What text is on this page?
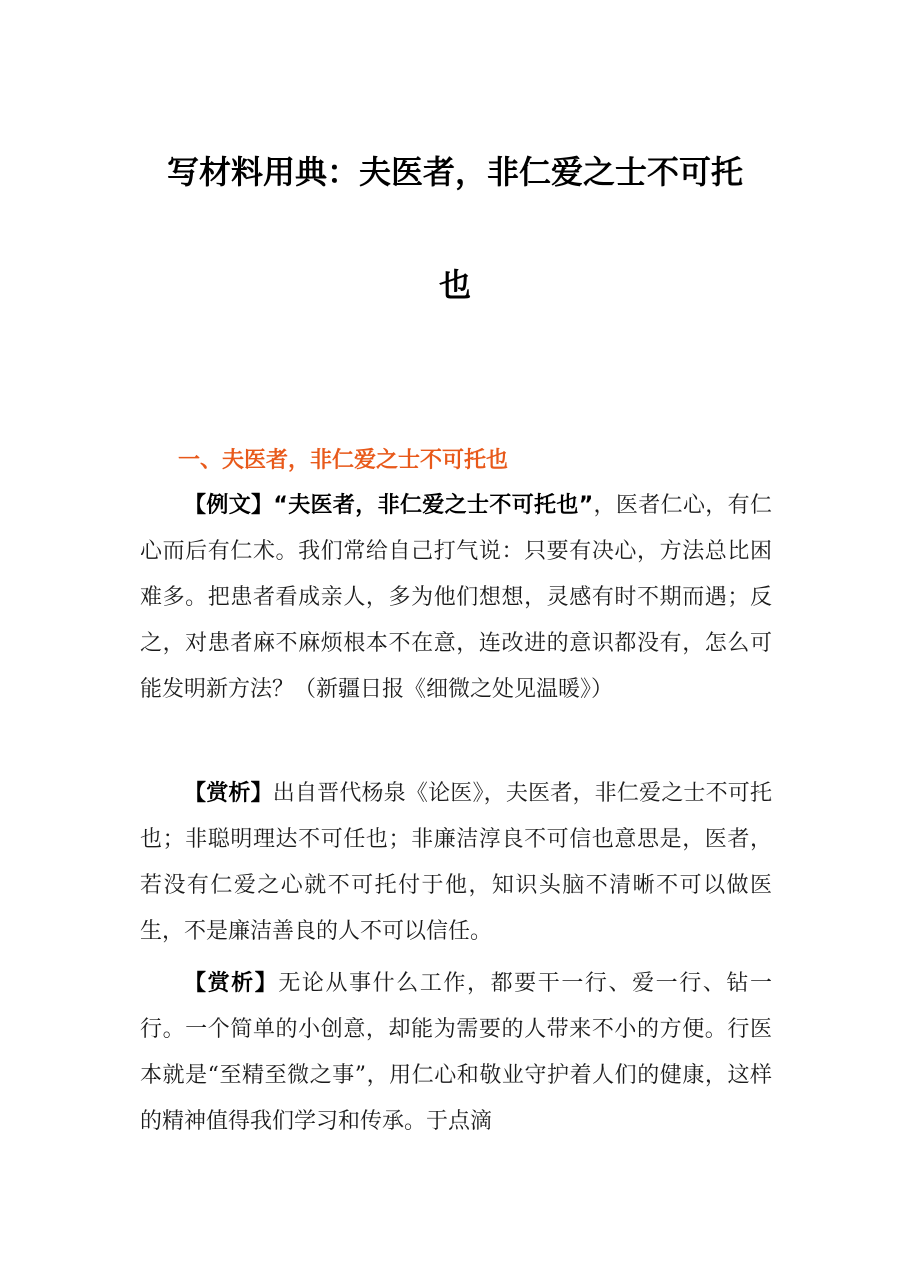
写材料用典：夫医者，非仁爱之士不可托
也
一、夫医者，非仁爱之士不可托也

【例文】“夫医者，非仁爱之士不可托也”，医者仁心，有仁心而后有仁术。我们常给自己打气说：只要有决心，方法总比困难多。把患者看成亲人，多为他们想想，灵感有时不期而遇；反之，对患者麻不麻烦根本不在意，连改进的意识都没有，怎么可能发明新方法？（新疆日报《细微之处见温暖》）

【赏析】出自晋代杨泉《论医》，夫医者，非仁爱之士不可托也；非聪明理达不可任也；非廉洁淳良不可信也意思是，医者，若没有仁爱之心就不可托付于他，知识头脑不清晰不可以做医生，不是廉洁善良的人不可以信任。

【赏析】无论从事什么工作，都要干一行、爱一行、钻一行。一个简单的小创意，却能为需要的人带来不小的方便。行医本就是“至精至微之事”，用仁心和敬业守护着人们的健康，这样的精神值得我们学习和传承。于点滴
